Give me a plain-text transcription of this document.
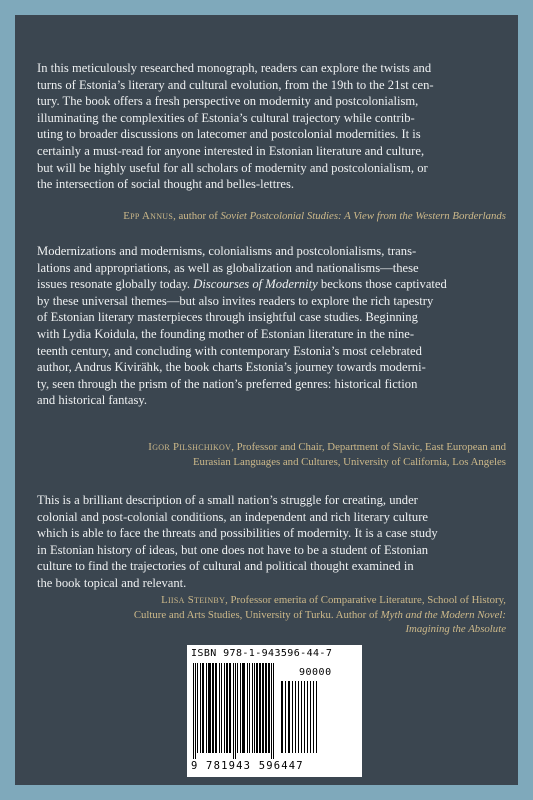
In this meticulously researched monograph, readers can explore the twists and

turns of Estonia’s literary and cultural evolution, from the 19th to the 21st cen-

tury. The book offers a fresh perspective on modernity and postcolonialism,

illuminating the complexities of Estonia’s cultural trajectory while contrib-

uting to broader discussions on latecomer and postcolonial modernities. It is

certainly a must-read for anyone interested in Estonian literature and culture,

but will be highly useful for all scholars of modernity and postcolonialism, or

the intersection of social thought and belles-lettres.

Epp Annus, author of Soviet Postcolonial Studies: A View from the Western Borderlands

Modernizations and modernisms, colonialisms and postcolonialisms, trans-

lations and appropriations, as well as globalization and nationalisms—these

issues resonate globally today. Discourses of Modernity beckons those captivated

by these universal themes—but also invites readers to explore the rich tapestry

of Estonian literary masterpieces through insightful case studies. Beginning

with Lydia Koidula, the founding mother of Estonian literature in the nine-

teenth century, and concluding with contemporary Estonia’s most celebrated

author, Andrus Kivirähk, the book charts Estonia’s journey towards moderni-

ty, seen through the prism of the nation’s preferred genres: historical fiction

and historical fantasy.

Igor Pilshchikov, Professor and Chair, Department of Slavic, East European and
Eurasian Languages and Cultures, University of California, Los Angeles

This is a brilliant description of a small nation’s struggle for creating, under

colonial and post-colonial conditions, an independent and rich literary culture

which is able to face the threats and possibilities of modernity. It is a case study

in Estonian history of ideas, but one does not have to be a student of Estonian

culture to find the trajectories of cultural and political thought examined in

the book topical and relevant.

Liisa Steinby, Professor emerita of Comparative Literature, School of History,
Culture and Arts Studies, University of Turku. Author of Myth and the Modern Novel:
Imagining the Absolute
ISBN 978-1-943596-44-7
90000
9 781943 596447
